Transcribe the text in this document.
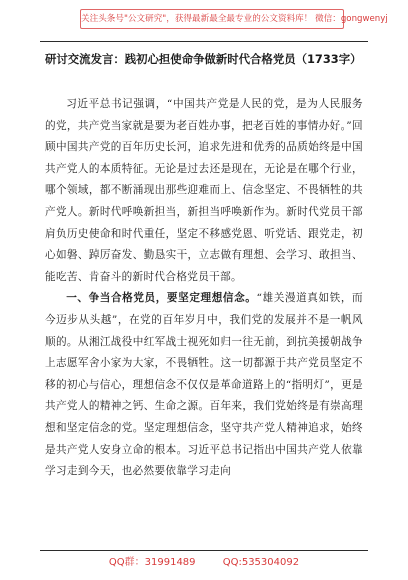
关注头条号"公文研究"，获得最新最全最专业的公文资料库！ 微信：gongwenyj
研讨交流发言：践初心担使命争做新时代合格党员（1733字）

习近平总书记强调，“中国共产党是人民的党，是为人民服务的党，共产党当家就是要为老百姓办事，把老百姓的事情办好。”回顾中国共产党的百年历史长河，追求先进和优秀的品质始终是中国共产党人的本质特征。无论是过去还是现在，无论是在哪个行业，哪个领域，都不断涌现出那些迎难而上、信念坚定、不畏牺牲的共产党人。新时代呼唤新担当，新担当呼唤新作为。新时代党员干部肩负历史使命和时代重任，坚定不移感党恩、听党话、跟党走，初心如磐、踔厉奋发、勤恳实干，立志做有理想、会学习、敢担当、能吃苦、肯奋斗的新时代合格党员干部。

一、争当合格党员，要坚定理想信念。“雄关漫道真如铁，而今迈步从头越”，在党的百年岁月中，我们党的发展并不是一帆风顺的。从湘江战役中红军战士视死如归一往无前，到抗美援朝战争上志愿军舍小家为大家，不畏牺牲。这一切都源于共产党员坚定不移的初心与信心，理想信念不仅仅是革命道路上的“指明灯”，更是共产党人的精神之钙、生命之源。百年来，我们党始终是有崇高理想和坚定信念的党。坚定理想信念，坚守共产党人精神追求，始终是共产党人安身立命的根本。习近平总书记指出中国共产党人依靠学习走到今天，也必然要依靠学习走向

QQ群：31991489	QQ:535304092
